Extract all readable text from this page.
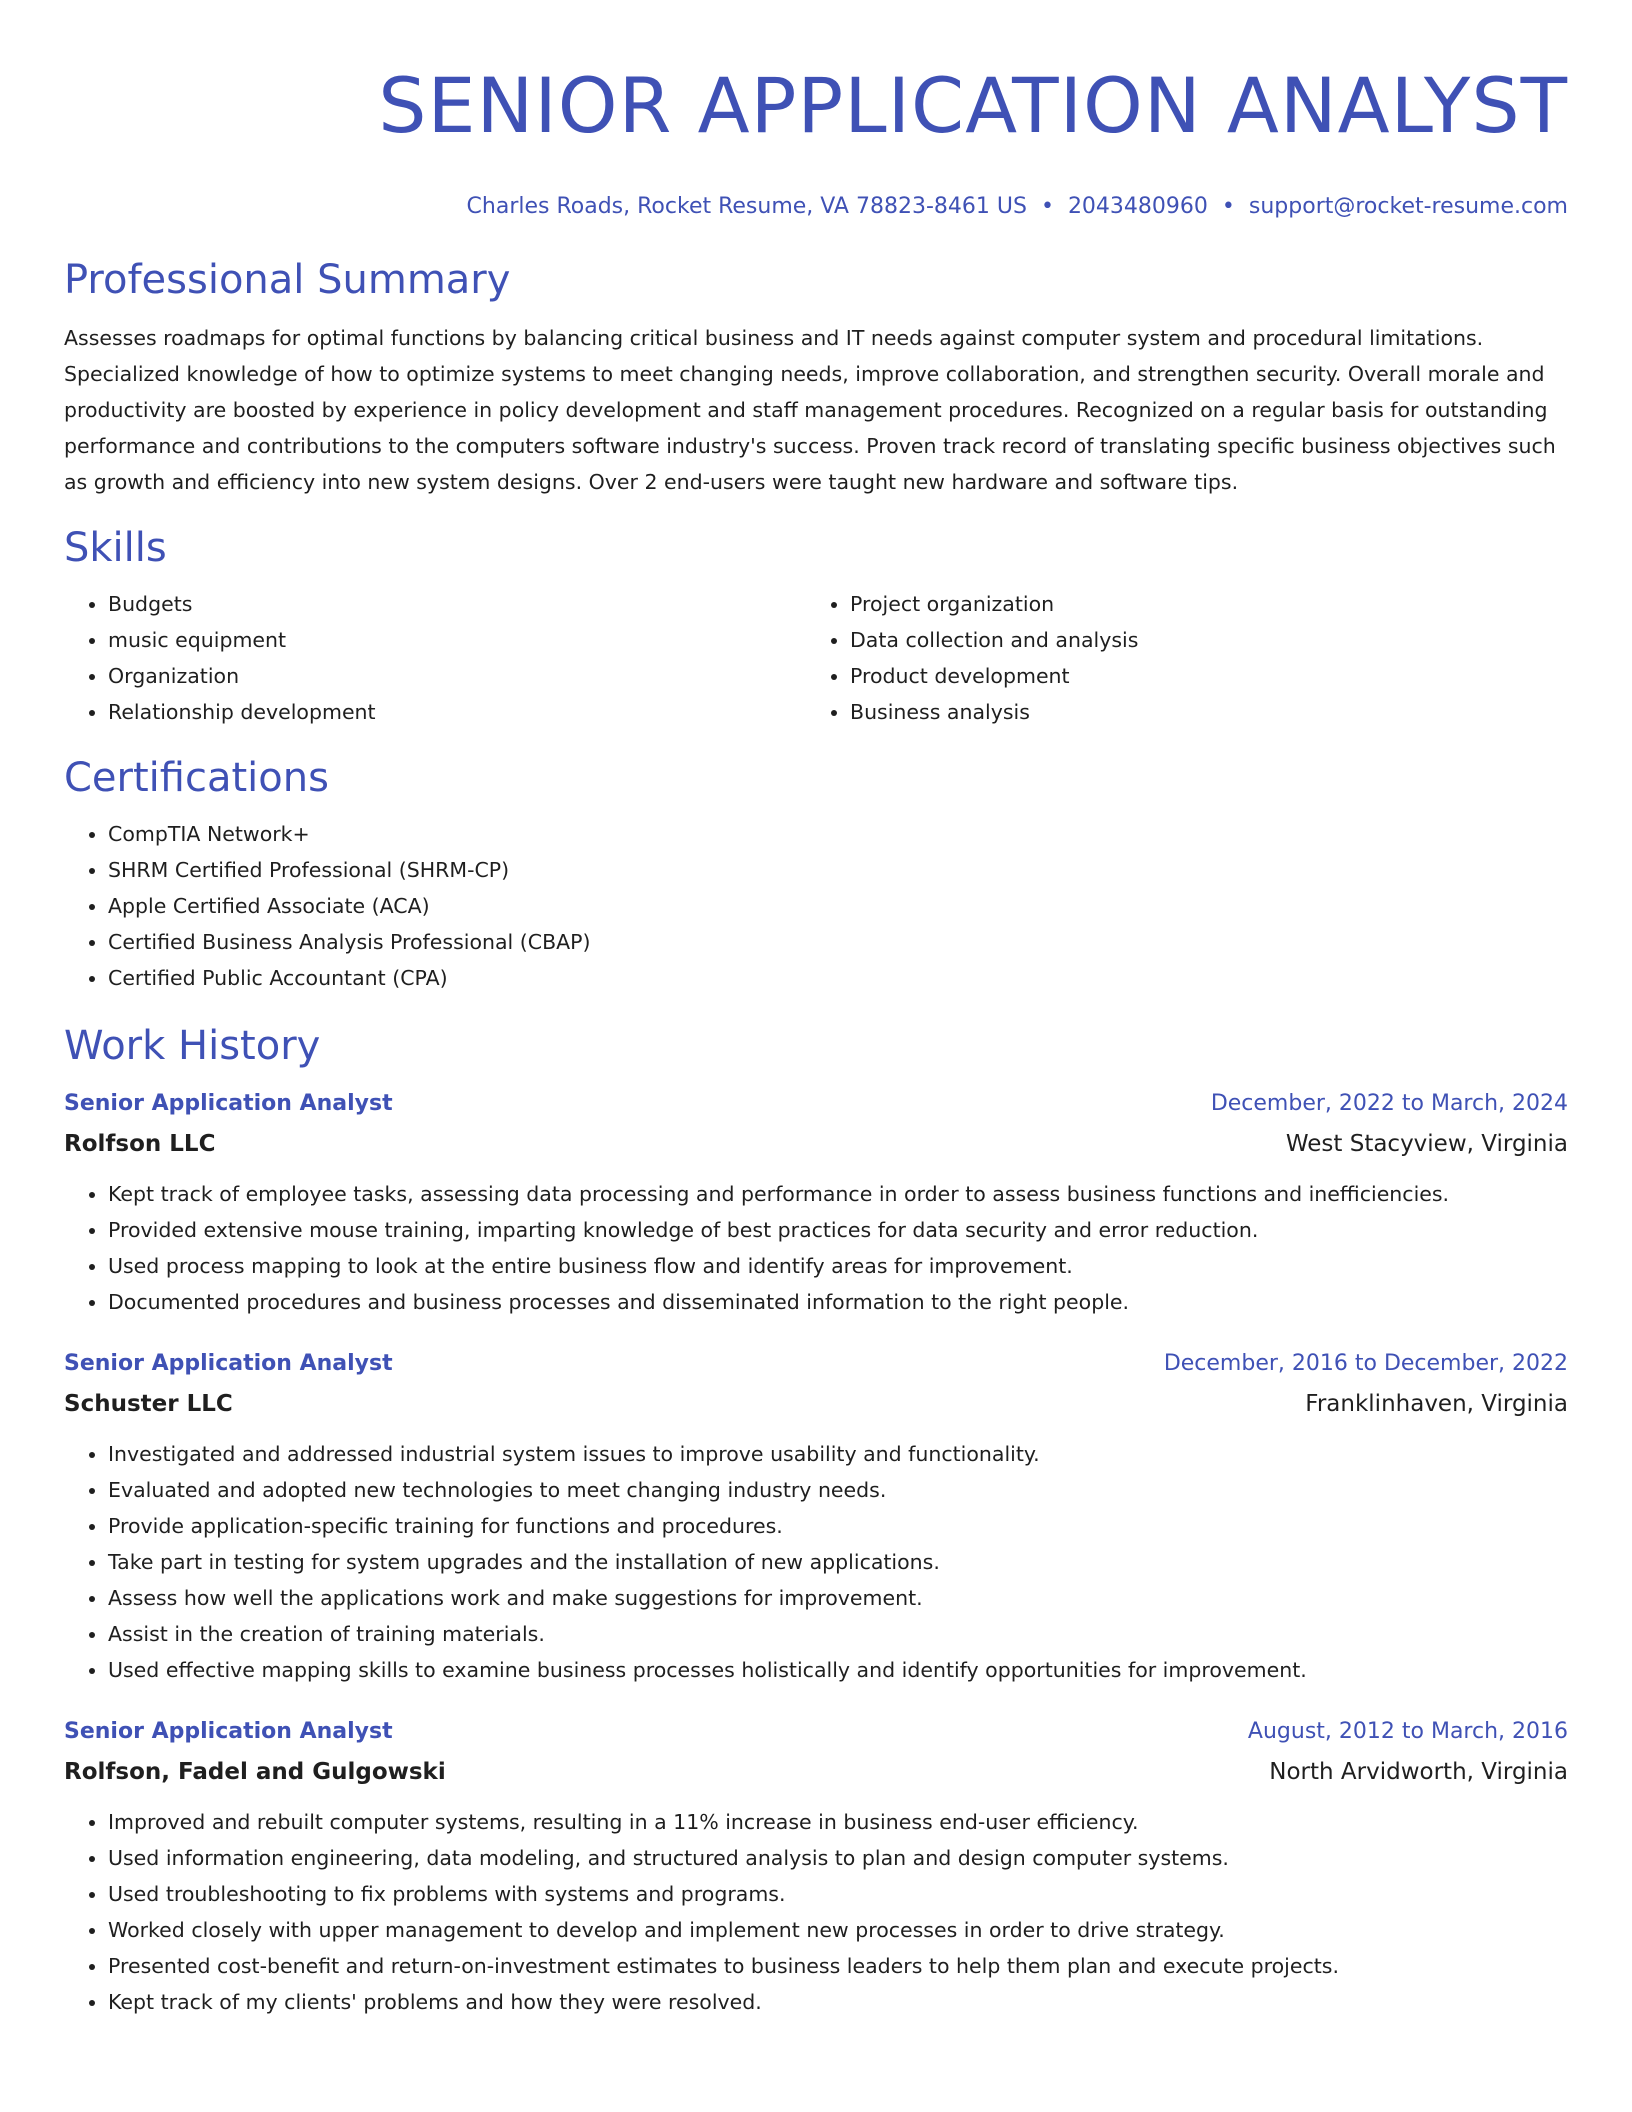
SENIOR APPLICATION ANALYST
Charles Roads, Rocket Resume, VA 78823-8461 US • 2043480960 • support@rocket-resume.com
Professional Summary

Assesses roadmaps for optimal functions by balancing critical business and IT needs against computer system and procedural limitations. Specialized knowledge of how to optimize systems to meet changing needs, improve collaboration, and strengthen security. Overall morale and productivity are boosted by experience in policy development and staff management procedures. Recognized on a regular basis for outstanding performance and contributions to the computers software industry's success. Proven track record of translating specific business objectives such as growth and efficiency into new system designs. Over 2 end-users were taught new hardware and software tips.

Skills
• Budgets
• music equipment
• Organization
• Relationship development
• Project organization
• Data collection and analysis
• Product development
• Business analysis
Certifications
• CompTIA Network+
• SHRM Certified Professional (SHRM-CP)
• Apple Certified Associate (ACA)
• Certified Business Analysis Professional (CBAP)
• Certified Public Accountant (CPA)
Work History
Senior Application Analyst	December, 2022 to March, 2024
Rolfson LLC	West Stacyview, Virginia
• Kept track of employee tasks, assessing data processing and performance in order to assess business functions and inefficiencies.
• Provided extensive mouse training, imparting knowledge of best practices for data security and error reduction.
• Used process mapping to look at the entire business flow and identify areas for improvement.
• Documented procedures and business processes and disseminated information to the right people.
Senior Application Analyst	December, 2016 to December, 2022
Schuster LLC	Franklinhaven, Virginia
• Investigated and addressed industrial system issues to improve usability and functionality.
• Evaluated and adopted new technologies to meet changing industry needs.
• Provide application-specific training for functions and procedures.
• Take part in testing for system upgrades and the installation of new applications.
• Assess how well the applications work and make suggestions for improvement.
• Assist in the creation of training materials.
• Used effective mapping skills to examine business processes holistically and identify opportunities for improvement.
Senior Application Analyst	August, 2012 to March, 2016
Rolfson, Fadel and Gulgowski	North Arvidworth, Virginia
• Improved and rebuilt computer systems, resulting in a 11% increase in business end-user efficiency.
• Used information engineering, data modeling, and structured analysis to plan and design computer systems.
• Used troubleshooting to fix problems with systems and programs.
• Worked closely with upper management to develop and implement new processes in order to drive strategy.
• Presented cost-benefit and return-on-investment estimates to business leaders to help them plan and execute projects.
• Kept track of my clients' problems and how they were resolved.
